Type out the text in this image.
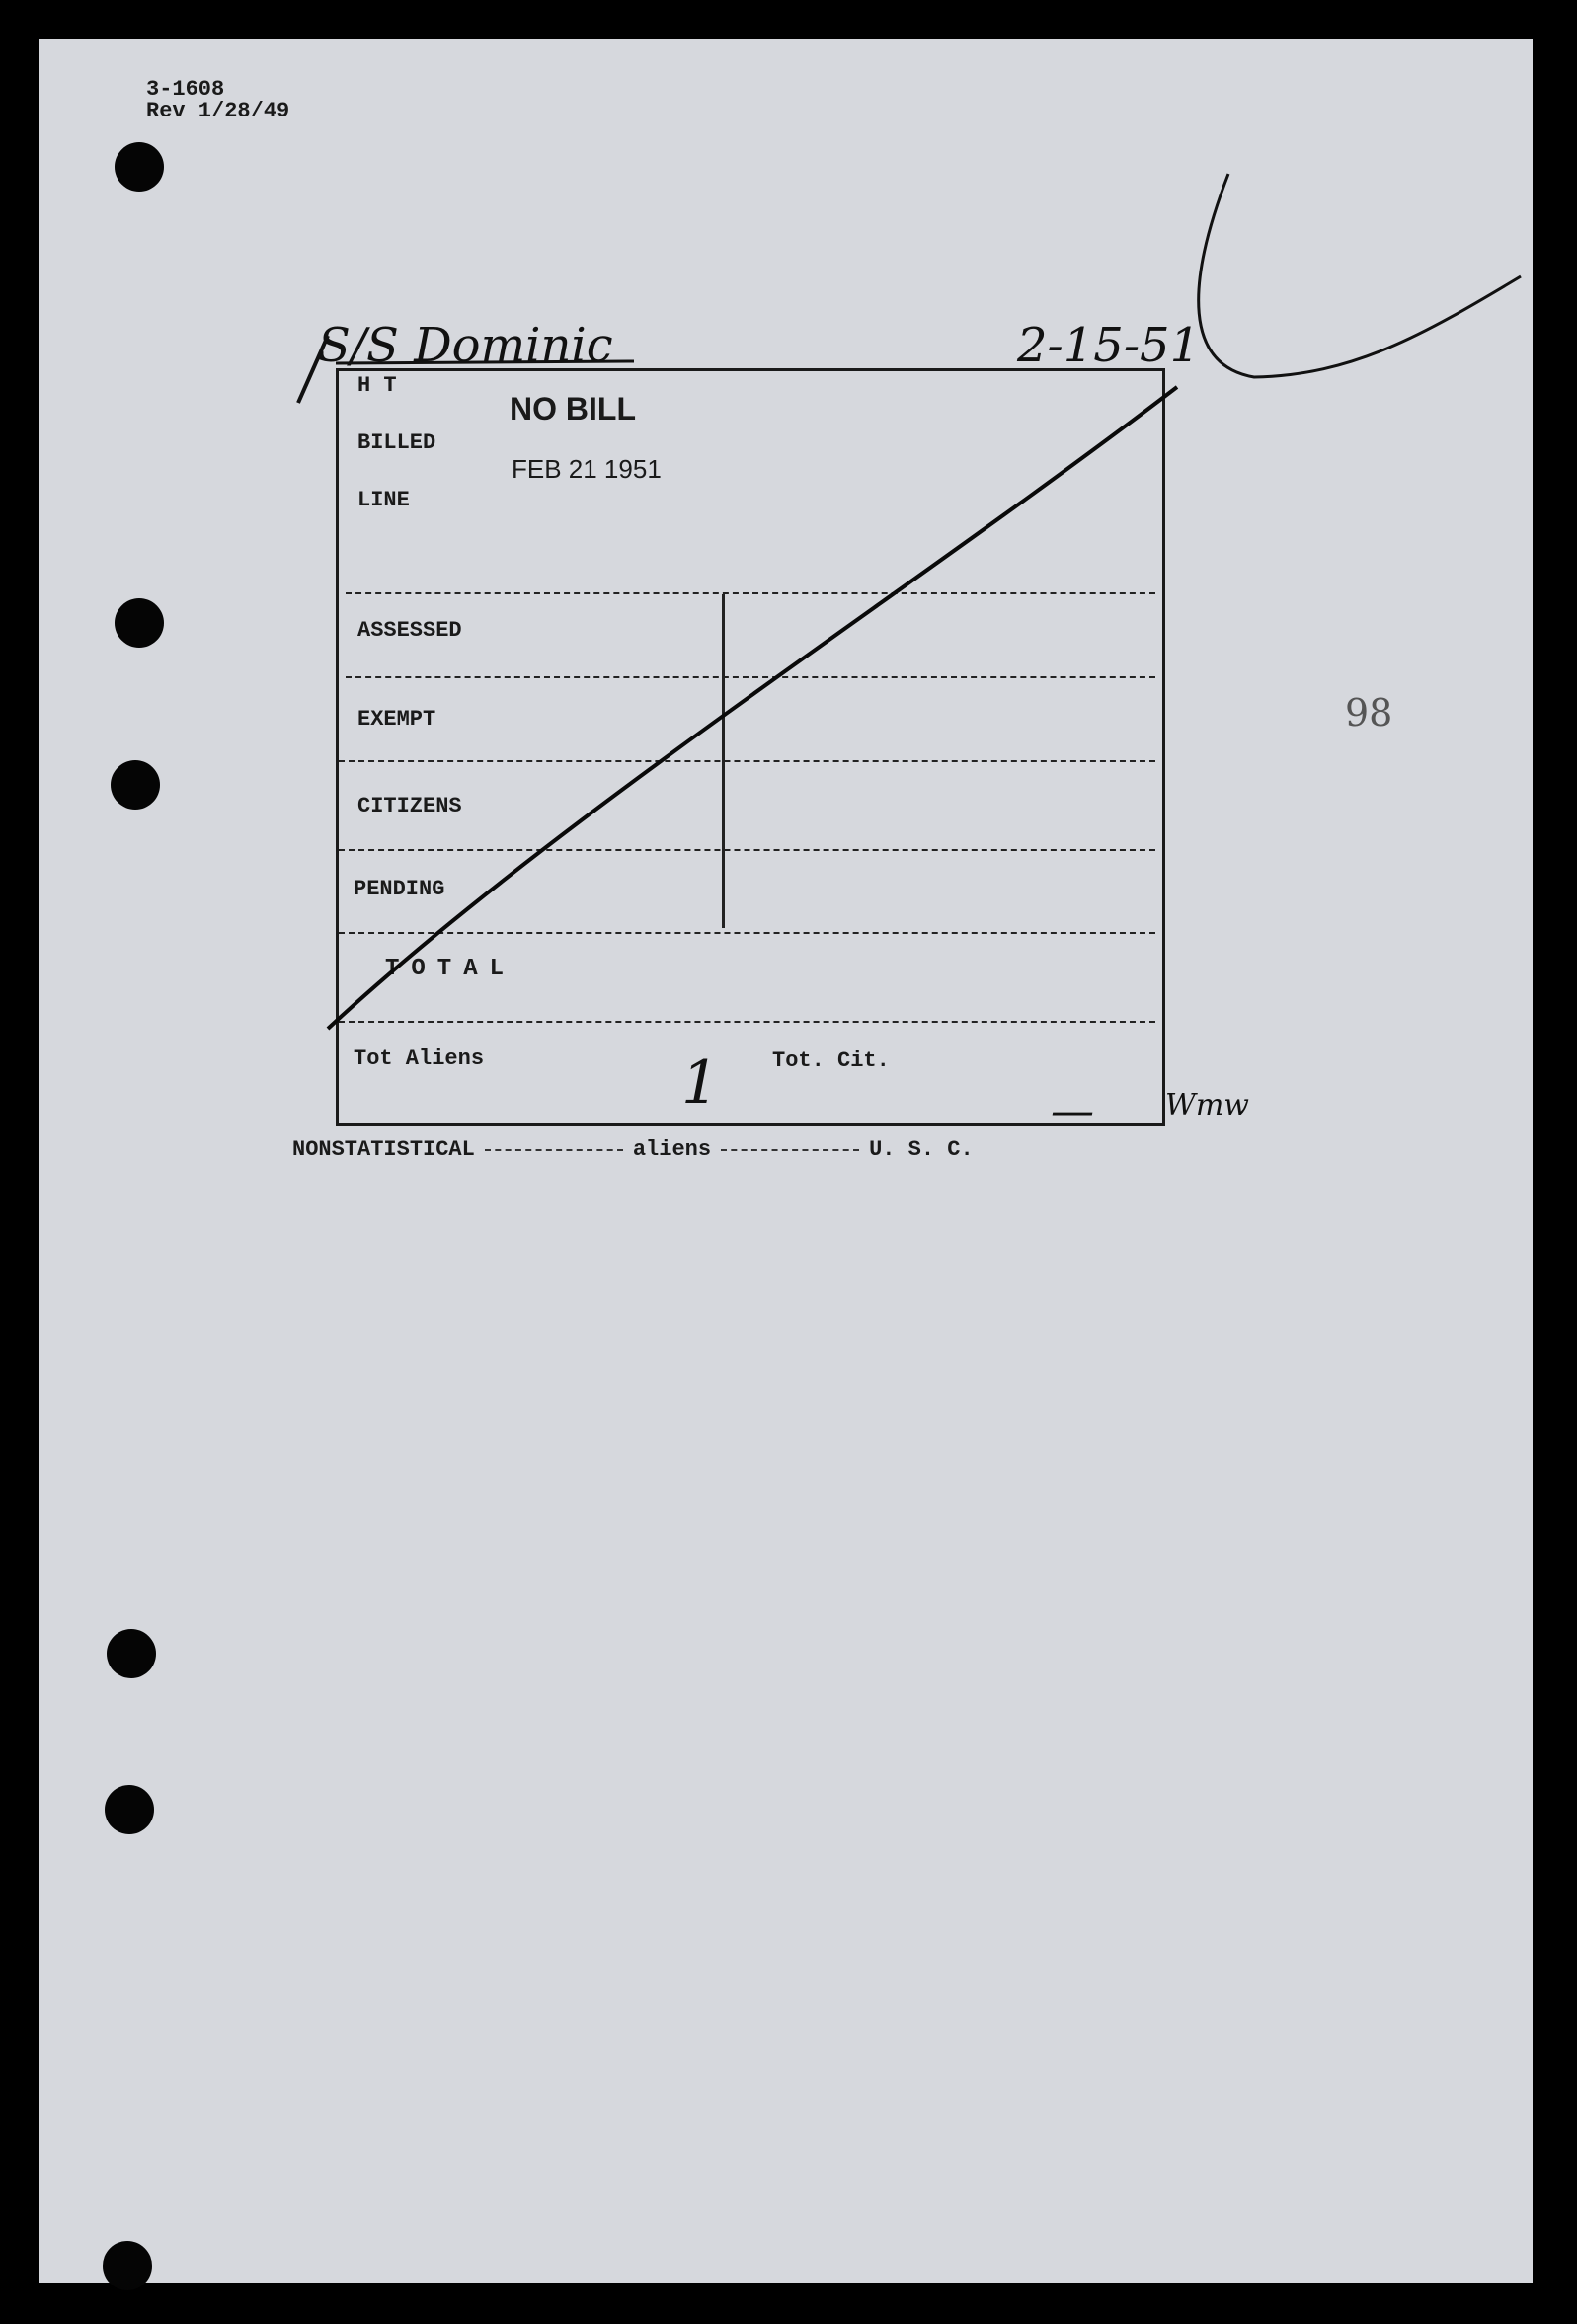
3-1608
Rev 1/28/49
S/S Dominic	2-15-51
98
H T
BILLED
LINE
NO BILL
FEB 21 1951
ASSESSED
EXEMPT
CITIZENS
PENDING
TOTAL
Tot Aliens	1 Tot. Cit.
— Wmw
NONSTATISTICAL	aliens	U. S. C.
